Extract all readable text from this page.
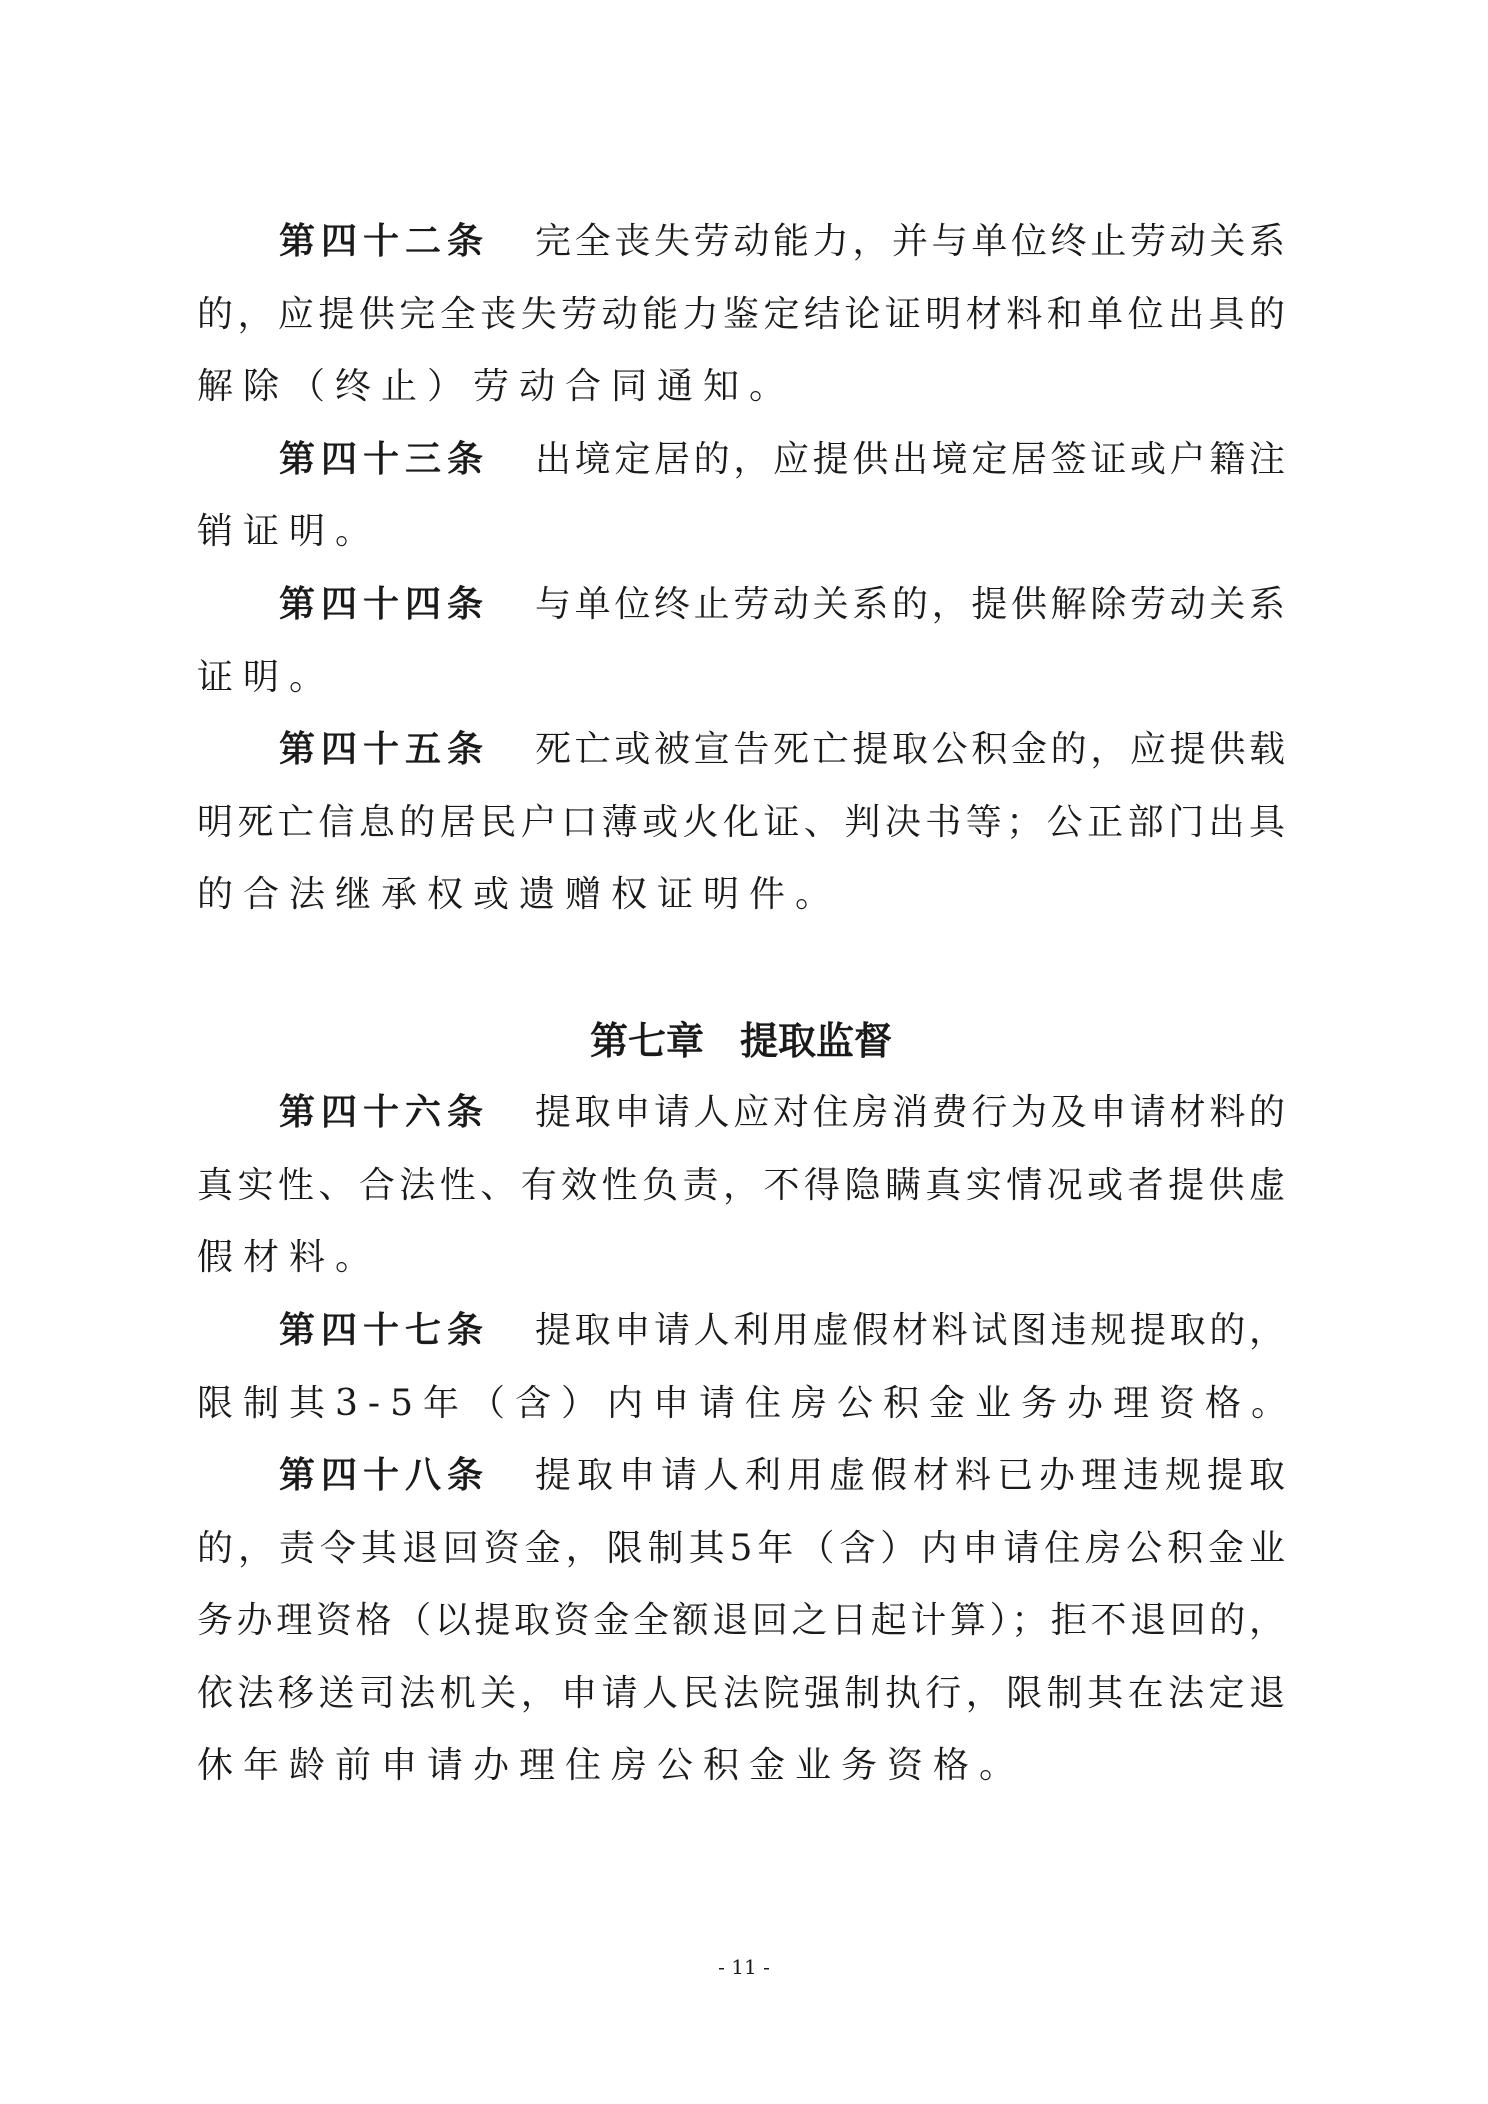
第四十二条 完全丧失劳动能力，并与单位终止劳动关系
的，应提供完全丧失劳动能力鉴定结论证明材料和单位出具的
解除（终止）劳动合同通知。
第四十三条 出境定居的，应提供出境定居签证或户籍注
销证明。
第四十四条 与单位终止劳动关系的，提供解除劳动关系
证明。
第四十五条 死亡或被宣告死亡提取公积金的，应提供载
明死亡信息的居民户口薄或火化证、判决书等；公正部门出具
的合法继承权或遗赠权证明件。
第七章 提取监督
第四十六条 提取申请人应对住房消费行为及申请材料的
真实性、合法性、有效性负责，不得隐瞒真实情况或者提供虚
假材料。
第四十七条 提取申请人利用虚假材料试图违规提取的，
限制其3-5年（含）内申请住房公积金业务办理资格。
第四十八条 提取申请人利用虚假材料已办理违规提取
的，责令其退回资金，限制其5年（含）内申请住房公积金业
务办理资格（以提取资金全额退回之日起计算）；拒不退回的，
依法移送司法机关，申请人民法院强制执行，限制其在法定退
休年龄前申请办理住房公积金业务资格。
- 11 -
